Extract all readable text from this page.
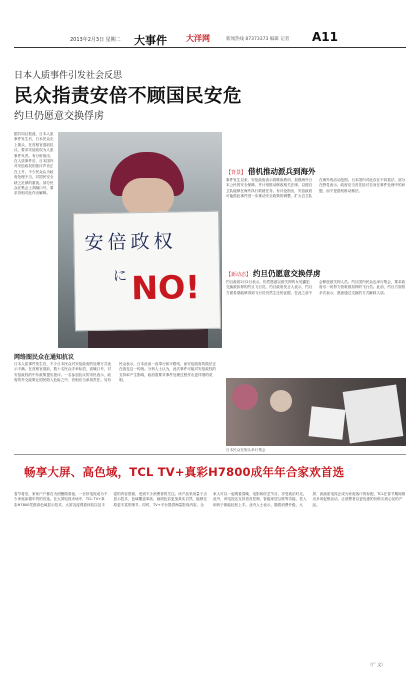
2013年2月3日 星期二 大事件 大洋网	新闻热线 87373373 编辑 记者 A11
日本人质事件引发社会反思
民众指责安倍不顾国民安危
约旦仍愿意交换俘虏
据共同社报道，日本人质事件发生后，日本民众走上街头，在首相官邸前抗议，要求安倍政权为人质事件负责。有分析指出，在人质事件后，日本国内对安倍政权的批评声音正在上升，不少民众认为政府处理不当，对国民安全缺乏足够的重视。部分民众在集会上高喊口号，要求首相对此作出解释。
安倍政权
に NO!
网络图民众在通知抗议
日本人质事件发生后，不少日本民众对安倍政府的处理方式表示不满。在首相官邸前，数十名民众手举标语，高喊口号，对安倍政权的中东政策提出批评。一名参加抗议的市民表示，政府的外交政策让国民陷入危险之中，首相应当承担责任。另有民众表示，日本此前一直奉行和平路线，而安倍政府的做法正在改变这一传统。分析人士认为，此次事件可能对安倍政权的支持率产生影响，政府需要对事件处理过程作出更详细的说明。
【背景】 借机推动派兵到海外
事件发生以来，安倍政府表示将吸取教训，加强海外日本公民的安全保障，并计划推动修改相关法律，以便自卫队能够在海外执行救援任务。有评论指出，安倍政府可能借此事件进一步推动安全政策的调整，扩大自卫队在海外的活动范围。日本国内对此存在不同看法，部分在野党表示，政府应当首先检讨自身在事件处理中的问题，而不是借机推动修法。
【新动态】 约旦仍愿意交换俘虏
约旦政府2月2日表示，仍然愿意以被关押的女死囊犯交换被扣押的约旦飞行员。约旦政府发言人表示，约旦方面希望能够得到飞行员仍然生还的证据，在此之前不会释放被关押人员。约旦国内民众也举行集会，要求政府尽一切努力营救被扣押的飞行员。此前，约旦方面曾多次表示，愿意通过交换的方式解救人质。
日本民众在街头举行集会
畅享大屏、高色域，TCL TV+真彩H7800成年年合家欢首选
春节将至，家家户户都在为团聚做准备，一台好电视成为不少家庭添置年货的首选。在大屏电视市场中，TCL TV+真彩H7800凭借高色域显示技术、大屏沉浸观看体验以及丰富的内容资源，受到不少消费者的关注。该产品采用量子点显示技术，色域覆盖率高，画面色彩更加真实自然，能够还原更丰富的细节。同时，TV+平台提供海量影视内容，全家人可以一起观看春晚、电影和综艺节目，享受欢乐时光。此外，该电视还支持语音控制、智能家居互联等功能，老人和孩子都能轻松上手。业内人士表示，随着消费升级，大屏、高画质电视正成为家庭客厅的标配，TCL在春节期间推出多项促销活动，让消费者以更优惠的价格买到心仪的产品。
（广 文）
